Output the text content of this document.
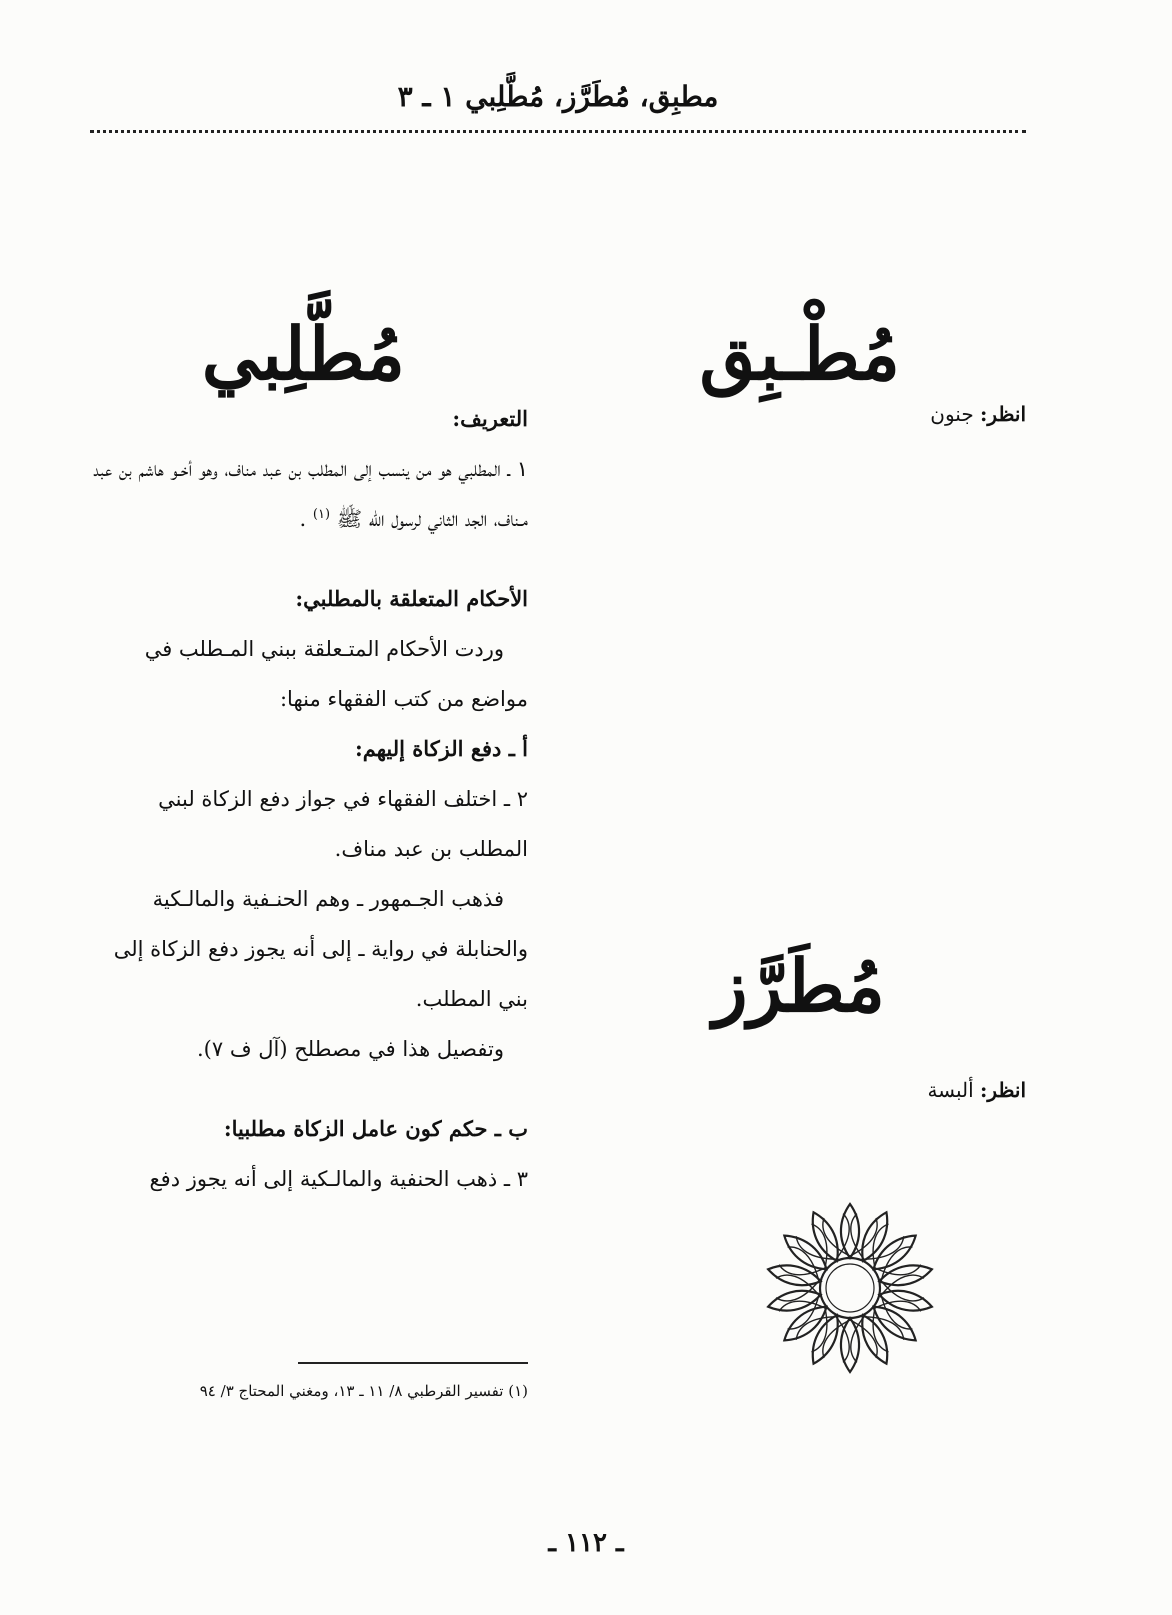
مطبِق، مُطَرَّز، مُطَّلِبي ١ ـ ٣
مُطْـبِق
انظر: جنون
مُطَرَّز
انظر: ألبسة
مُطَّلِبي

التعريف:

١ ـ المطلبي هو من ينسب إلى المطلب بن عبد مناف، وهو أخـو هاشم بن عبد مـناف، الجد الثاني لرسول الله ﷺ $^{(١)}$ .

الأحكام المتعلقة بالمطلبي:

وردت الأحكام المتـعلقة ببني المـطلب في مواضع من كتب الفقهاء منها:

أ ـ دفع الزكاة إليهم:

٢ ـ اختلف الفقهاء في جواز دفع الزكاة لبني المطلب بن عبد مناف.

فذهب الجـمهور ـ وهم الحنـفية والمالـكية والحنابلة في رواية ـ إلى أنه يجوز دفع الزكاة إلى بني المطلب.

وتفصيل هذا في مصطلح (آل ف ٧).

ب ـ حكم كون عامل الزكاة مطلبيا:

٣ ـ ذهب الحنفية والمالـكية إلى أنه يجوز دفع

(١) تفسير القرطبي ٨/ ١١ ـ ١٣، ومغني المحتاج ٣/ ٩٤
ـ ١١٢ ـ
